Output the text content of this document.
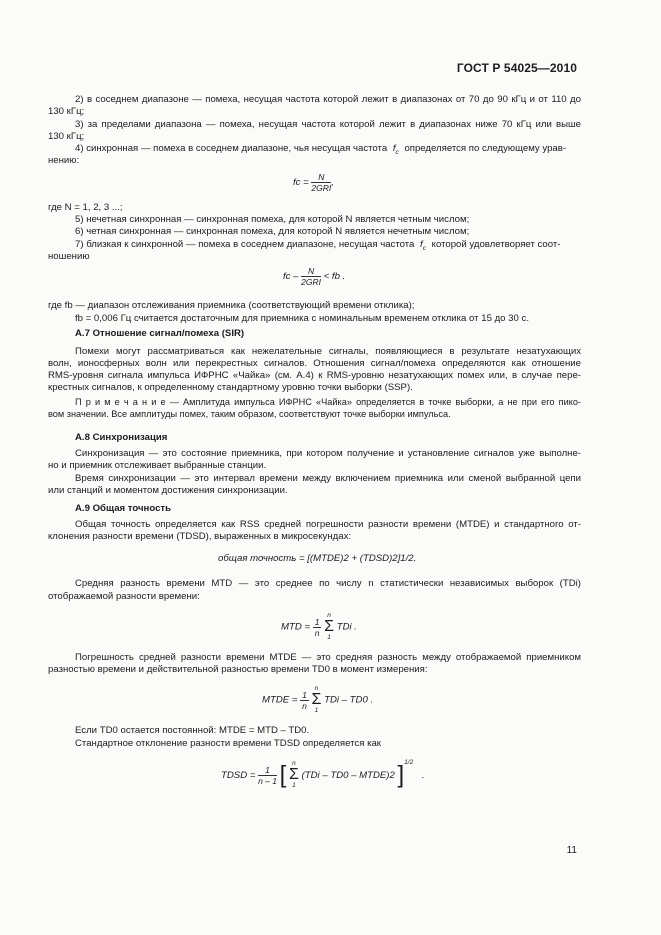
ГОСТ Р 54025—2010
2) в соседнем диапазоне — помеха, несущая частота которой лежит в диапазонах от 70 до 90 кГц и от 110 до
130 кГц;
3) за пределами диапазона — помеха, несущая частота которой лежит в диапазонах ниже 70 кГц или выше
130 кГц;
4) синхронная — помеха в соседнем диапазоне, чья несущая частота $f_c$ определяется по следующему урав-
нению:
fc = $\frac{N}{\text{2GRI}}$ ,
где N = 1, 2, 3 ...;
5) нечетная синхронная — синхронная помеха, для которой N является четным числом;
6) четная синхронная — синхронная помеха, для которой N является нечетным числом;
7) близкая к синхронной — помеха в соседнем диапазоне, несущая частота $f_c$ которой удовлетворяет соот-
ношению
fc – $\frac{N}{\text{2GRI}}$ < fb .
где fb — диапазон отслеживания приемника (соответствующий времени отклика);
fb = 0,006 Гц считается достаточным для приемника с номинальным временем отклика от 15 до 30 с.
А.7 Отношение сигнал/помеха (SIR)
Помехи могут рассматриваться как нежелательные сигналы, появляющиеся в результате незатухающих
волн, ионосферных волн или перекрестных сигналов. Отношения сигнал/помеха определяются как отношение
RMS-уровня сигнала импульса ИФРНС «Чайка» (см. А.4) к RMS-уровню незатухающих помех или, в случае пере-
крестных сигналов, к определенному стандартному уровню точки выборки (SSP).
П р и м е ч а н и е — Амплитуда импульса ИФРНС «Чайка» определяется в точке выборки, а не при его пико-
вом значении. Все амплитуды помех, таким образом, соответствуют точке выборки импульса.
А.8 Синхронизация
Синхронизация — это состояние приемника, при котором получение и установление сигналов уже выполне-
но и приемник отслеживает выбранные станции.
Время синхронизации — это интервал времени между включением приемника или сменой выбранной цепи
или станций и моментом достижения синхронизации.
А.9 Общая точность
Общая точность определяется как RSS средней погрешности разности времени (MTDE) и стандартного от-
клонения разности времени (TDSD), выраженных в микросекундах:
общая точность = [(MTDE)2 + (TDSD)2]1/2.
Средняя разность времени MTD — это среднее по числу n статистически независимых выборок (TDi)
отображаемой разности времени:
MTD = $\frac{1}{n}$

n
Σ
1
TDi .
Погрешность средней разности времени MTDE — это средняя разность между отображаемой приемником
разностью времени и действительной разностью времени TD0 в момент измерения:
MTDE = $\frac{1}{n}$

n
Σ
1
TDi – TD0 .
Если TD0 остается постоянной: MTDE = MTD – TD0.
Стандартное отклонение разности времени TDSD определяется как
TDSD = $\frac{1}{n - 1}$ [ n
Σ
1
(TDi – TD0 – MTDE)2 ]$^{1/2}$ .
11
